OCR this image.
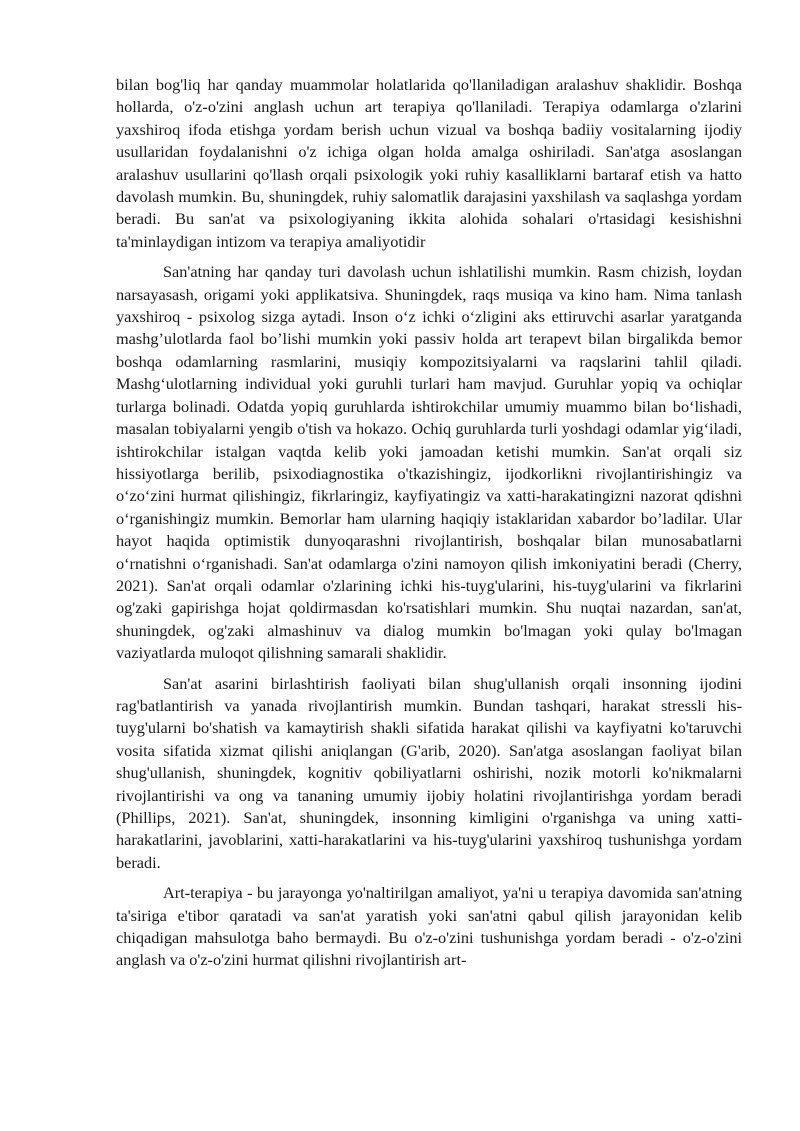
bilan bog'liq har qanday muammolar holatlarida qo'llaniladigan aralashuv shaklidir. Boshqa hollarda, o'z-o'zini anglash uchun art terapiya qo'llaniladi. Terapiya odamlarga o'zlarini yaxshiroq ifoda etishga yordam berish uchun vizual va boshqa badiiy vositalarning ijodiy usullaridan foydalanishni o'z ichiga olgan holda amalga oshiriladi. San'atga asoslangan aralashuv usullarini qo'llash orqali psixologik yoki ruhiy kasalliklarni bartaraf etish va hatto davolash mumkin. Bu, shuningdek, ruhiy salomatlik darajasini yaxshilash va saqlashga yordam beradi. Bu san'at va psixologiyaning ikkita alohida sohalari o'rtasidagi kesishishni ta'minlaydigan intizom va terapiya amaliyotidir

San'atning har qanday turi davolash uchun ishlatilishi mumkin. Rasm chizish, loydan narsayasash, origami yoki applikatsiva. Shuningdek, raqs musiqa va kino ham. Nima tanlash yaxshiroq - psixolog sizga aytadi. Inson o‘z ichki o‘zligini aks ettiruvchi asarlar yaratganda mashg’ulotlarda faol bo’lishi mumkin yoki passiv holda art terapevt bilan birgalikda bemor boshqa odamlarning rasmlarini, musiqiy kompozitsiyalarni va raqslarini tahlil qiladi. Mashg‘ulotlarning individual yoki guruhli turlari ham mavjud. Guruhlar yopiq va ochiqlar turlarga bolinadi. Odatda yopiq guruhlarda ishtirokchilar umumiy muammo bilan bo‘lishadi, masalan tobiyalarni yengib o'tish va hokazo. Ochiq guruhlarda turli yoshdagi odamlar yig‘iladi, ishtirokchilar istalgan vaqtda kelib yoki jamoadan ketishi mumkin. San'at orqali siz hissiyotlarga berilib, psixodiagnostika o'tkazishingiz, ijodkorlikni rivojlantirishingiz va o‘zo‘zini hurmat qilishingiz, fikrlaringiz, kayfiyatingiz va xatti-harakatingizni nazorat qdishni o‘rganishingiz mumkin. Bemorlar ham ularning haqiqiy istaklaridan xabardor bo’ladilar. Ular hayot haqida optimistik dunyoqarashni rivojlantirish, boshqalar bilan munosabatlarni o‘rnatishni o‘rganishadi. San'at odamlarga o'zini namoyon qilish imkoniyatini beradi (Cherry, 2021). San'at orqali odamlar o'zlarining ichki his-tuyg'ularini, his-tuyg'ularini va fikrlarini og'zaki gapirishga hojat qoldirmasdan ko'rsatishlari mumkin. Shu nuqtai nazardan, san'at, shuningdek, og'zaki almashinuv va dialog mumkin bo'lmagan yoki qulay bo'lmagan vaziyatlarda muloqot qilishning samarali shaklidir.

San'at asarini birlashtirish faoliyati bilan shug'ullanish orqali insonning ijodini rag'batlantirish va yanada rivojlantirish mumkin. Bundan tashqari, harakat stressli his-tuyg'ularni bo'shatish va kamaytirish shakli sifatida harakat qilishi va kayfiyatni ko'taruvchi vosita sifatida xizmat qilishi aniqlangan (G'arib, 2020). San'atga asoslangan faoliyat bilan shug'ullanish, shuningdek, kognitiv qobiliyatlarni oshirishi, nozik motorli ko'nikmalarni rivojlantirishi va ong va tananing umumiy ijobiy holatini rivojlantirishga yordam beradi (Phillips, 2021). San'at, shuningdek, insonning kimligini o'rganishga va uning xatti-harakatlarini, javoblarini, xatti-harakatlarini va his-tuyg'ularini yaxshiroq tushunishga yordam beradi.

Art-terapiya - bu jarayonga yo'naltirilgan amaliyot, ya'ni u terapiya davomida san'atning ta'siriga e'tibor qaratadi va san'at yaratish yoki san'atni qabul qilish jarayonidan kelib chiqadigan mahsulotga baho bermaydi. Bu o'z-o'zini tushunishga yordam beradi - o'z-o'zini anglash va o'z-o'zini hurmat qilishni rivojlantirish art-
